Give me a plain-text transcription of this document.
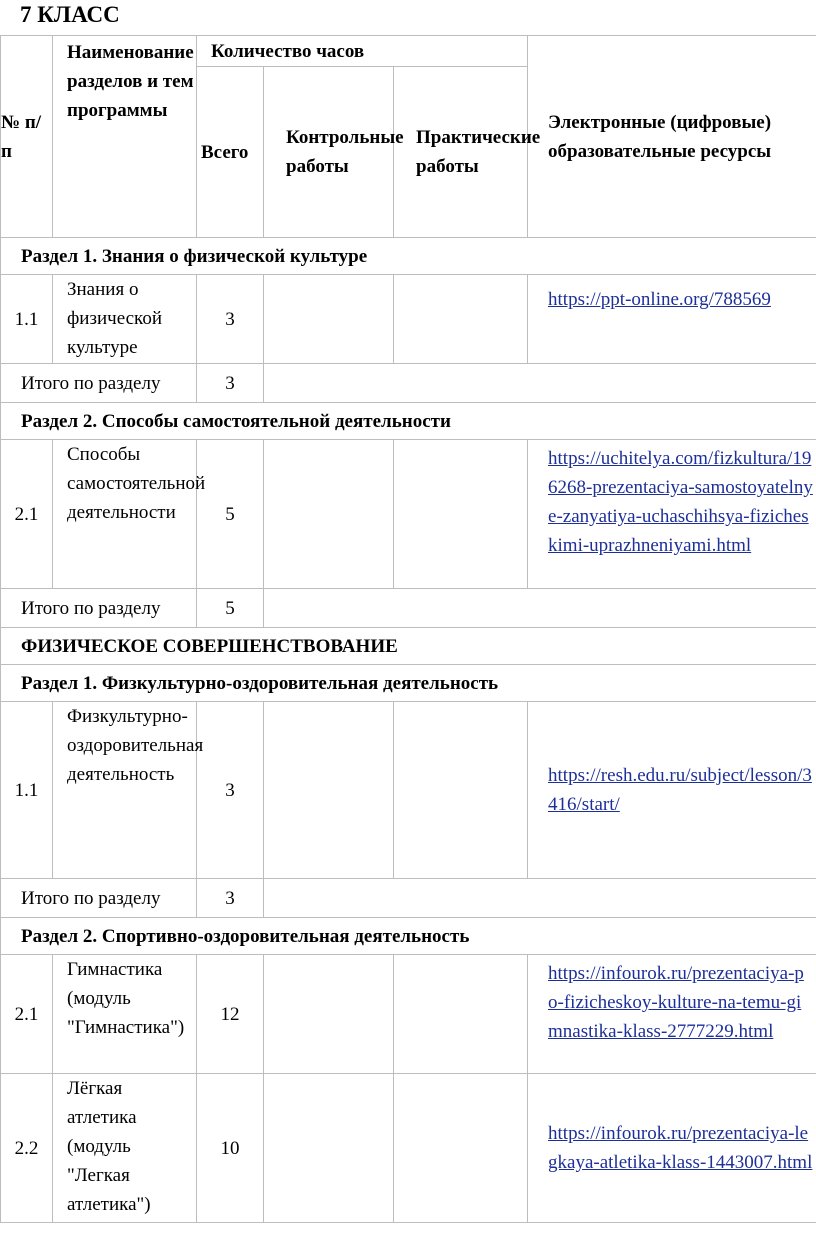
7 КЛАСС
№ п/п	Наименование разделов и тем программы	Количество часов			Электронные (цифровые) образовательные ресурсы
		Всего	Контрольные работы	Практические работы	
Раздел 1. Знания о физической культуре					
1.1	Знания о физической культуре	3			https://ppt-online.org/788569
Итого по разделу		3			
Раздел 2. Способы самостоятельной деятельности					
2.1	Способы самостоятельной деятельности	5			https://uchitelya.com/fizkultura/196268-prezentaciya-samostoyatelnye-zanyatiya-uchaschihsya-fizicheskimi-uprazhneniyami.html
Итого по разделу		5			
ФИЗИЧЕСКОЕ СОВЕРШЕНСТВОВАНИЕ					
Раздел 1. Физкультурно-оздоровительная деятельность					
1.1	Физкультурно-оздоровительная деятельность	3			https://resh.edu.ru/subject/lesson/3416/start/
Итого по разделу		3			
Раздел 2. Спортивно-оздоровительная деятельность					
2.1	Гимнастика (модуль "Гимнастика")	12			https://infourok.ru/prezentaciya-po-fizicheskoy-kulture-na-temu-gimnastika-klass-2777229.html
2.2	Лёгкая атлетика (модуль "Легкая атлетика")	10			https://infourok.ru/prezentaciya-legkaya-atletika-klass-1443007.html
